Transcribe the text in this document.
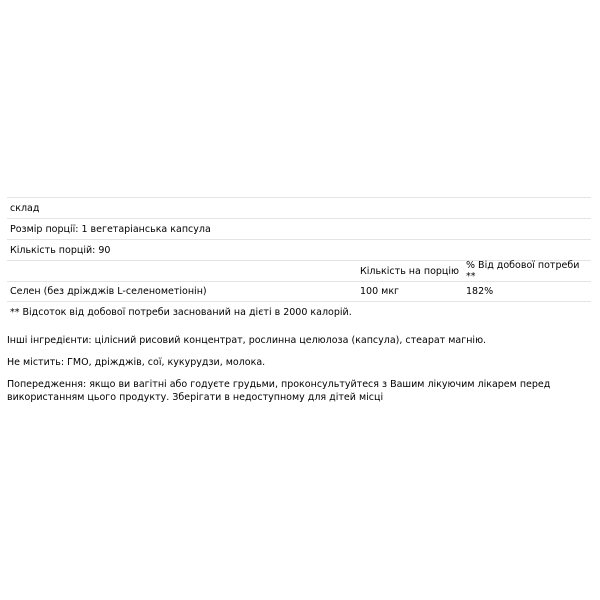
склад
Розмір порції: 1 вегетаріанська капсула
Кількість порцій: 90
Кількість на порцію % Від добової потреби **
Селен (без дріжджів L-селенометіонін)	100 мкг	182%
** Відсоток від добової потреби заснований на дієті в 2000 калорій.
Інші інгредієнти: цілісний рисовий концентрат, рослинна целюлоза (капсула), стеарат магнію.
Не містить: ГМО, дріжджів, сої, кукурудзи, молока.
Попередження: якщо ви вагітні або годуєте грудьми, проконсультуйтеся з Вашим лікуючим лікарем перед використанням цього продукту. Зберігати в недоступному для дітей місці
